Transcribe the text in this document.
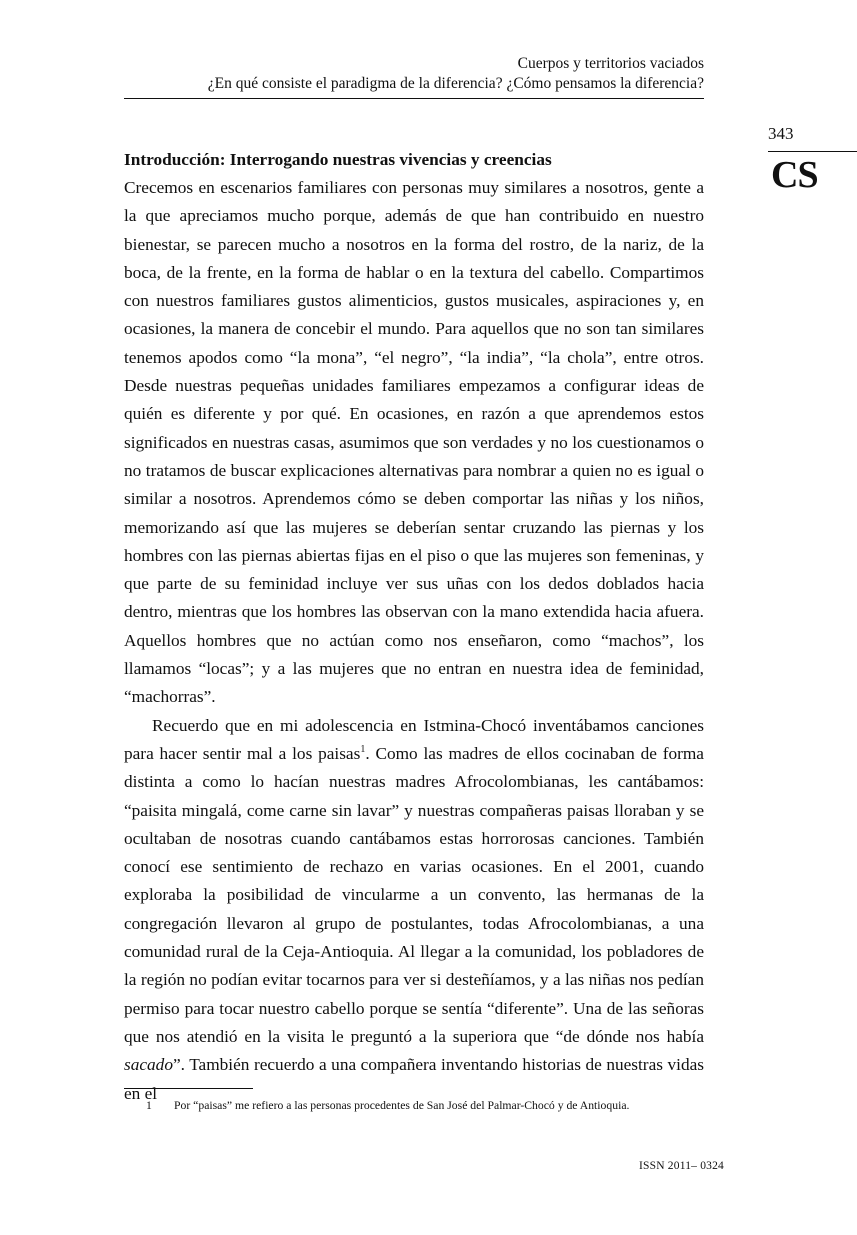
Cuerpos y territorios vaciados
¿En qué consiste el paradigma de la diferencia? ¿Cómo pensamos la diferencia?
343
CS
Introducción: Interrogando nuestras vivencias y creencias

Crecemos en escenarios familiares con personas muy similares a nosotros, gente a la que apreciamos mucho porque, además de que han contribuido en nuestro bienestar, se parecen mucho a nosotros en la forma del rostro, de la nariz, de la boca, de la frente, en la forma de hablar o en la textura del cabello. Compartimos con nuestros familiares gustos alimenticios, gustos musicales, aspiraciones y, en ocasiones, la manera de concebir el mundo. Para aquellos que no son tan similares tenemos apodos como “la mona”, “el negro”, “la india”, “la chola”, entre otros. Desde nuestras pequeñas unidades familiares empezamos a configurar ideas de quién es diferente y por qué. En ocasiones, en razón a que aprendemos estos significados en nuestras casas, asumimos que son verdades y no los cuestionamos o no tratamos de buscar explicaciones alternativas para nombrar a quien no es igual o similar a nosotros. Aprendemos cómo se deben comportar las niñas y los niños, memorizando así que las mujeres se deberían sentar cruzando las piernas y los hombres con las piernas abiertas fijas en el piso o que las mujeres son femeninas, y que parte de su feminidad incluye ver sus uñas con los dedos doblados hacia dentro, mientras que los hombres las observan con la mano extendida hacia afuera. Aquellos hombres que no actúan como nos enseñaron, como “machos”, los llamamos “locas”; y a las mujeres que no entran en nuestra idea de feminidad, “machorras”.

Recuerdo que en mi adolescencia en Istmina-Chocó inventábamos canciones para hacer sentir mal a los paisas$^1$. Como las madres de ellos cocinaban de forma distinta a como lo hacían nuestras madres Afrocolombianas, les cantábamos: “paisita mingalá, come carne sin lavar” y nuestras compañeras paisas lloraban y se ocultaban de nosotras cuando cantábamos estas horrorosas canciones. También conocí ese sentimiento de rechazo en varias ocasiones. En el 2001, cuando exploraba la posibilidad de vincularme a un convento, las hermanas de la congregación llevaron al grupo de postulantes, todas Afrocolombianas, a una comunidad rural de la Ceja-Antioquia. Al llegar a la comunidad, los pobladores de la región no podían evitar tocarnos para ver si desteñíamos, y a las niñas nos pedían permiso para tocar nuestro cabello porque se sentía “diferente”. Una de las señoras que nos atendió en la visita le preguntó a la superiora que “de dónde nos había sacado”. También recuerdo a una compañera inventando historias de nuestras vidas en el

1 Por “paisas” me refiero a las personas procedentes de San José del Palmar-Chocó y de Antioquia.
ISSN 2011– 0324
